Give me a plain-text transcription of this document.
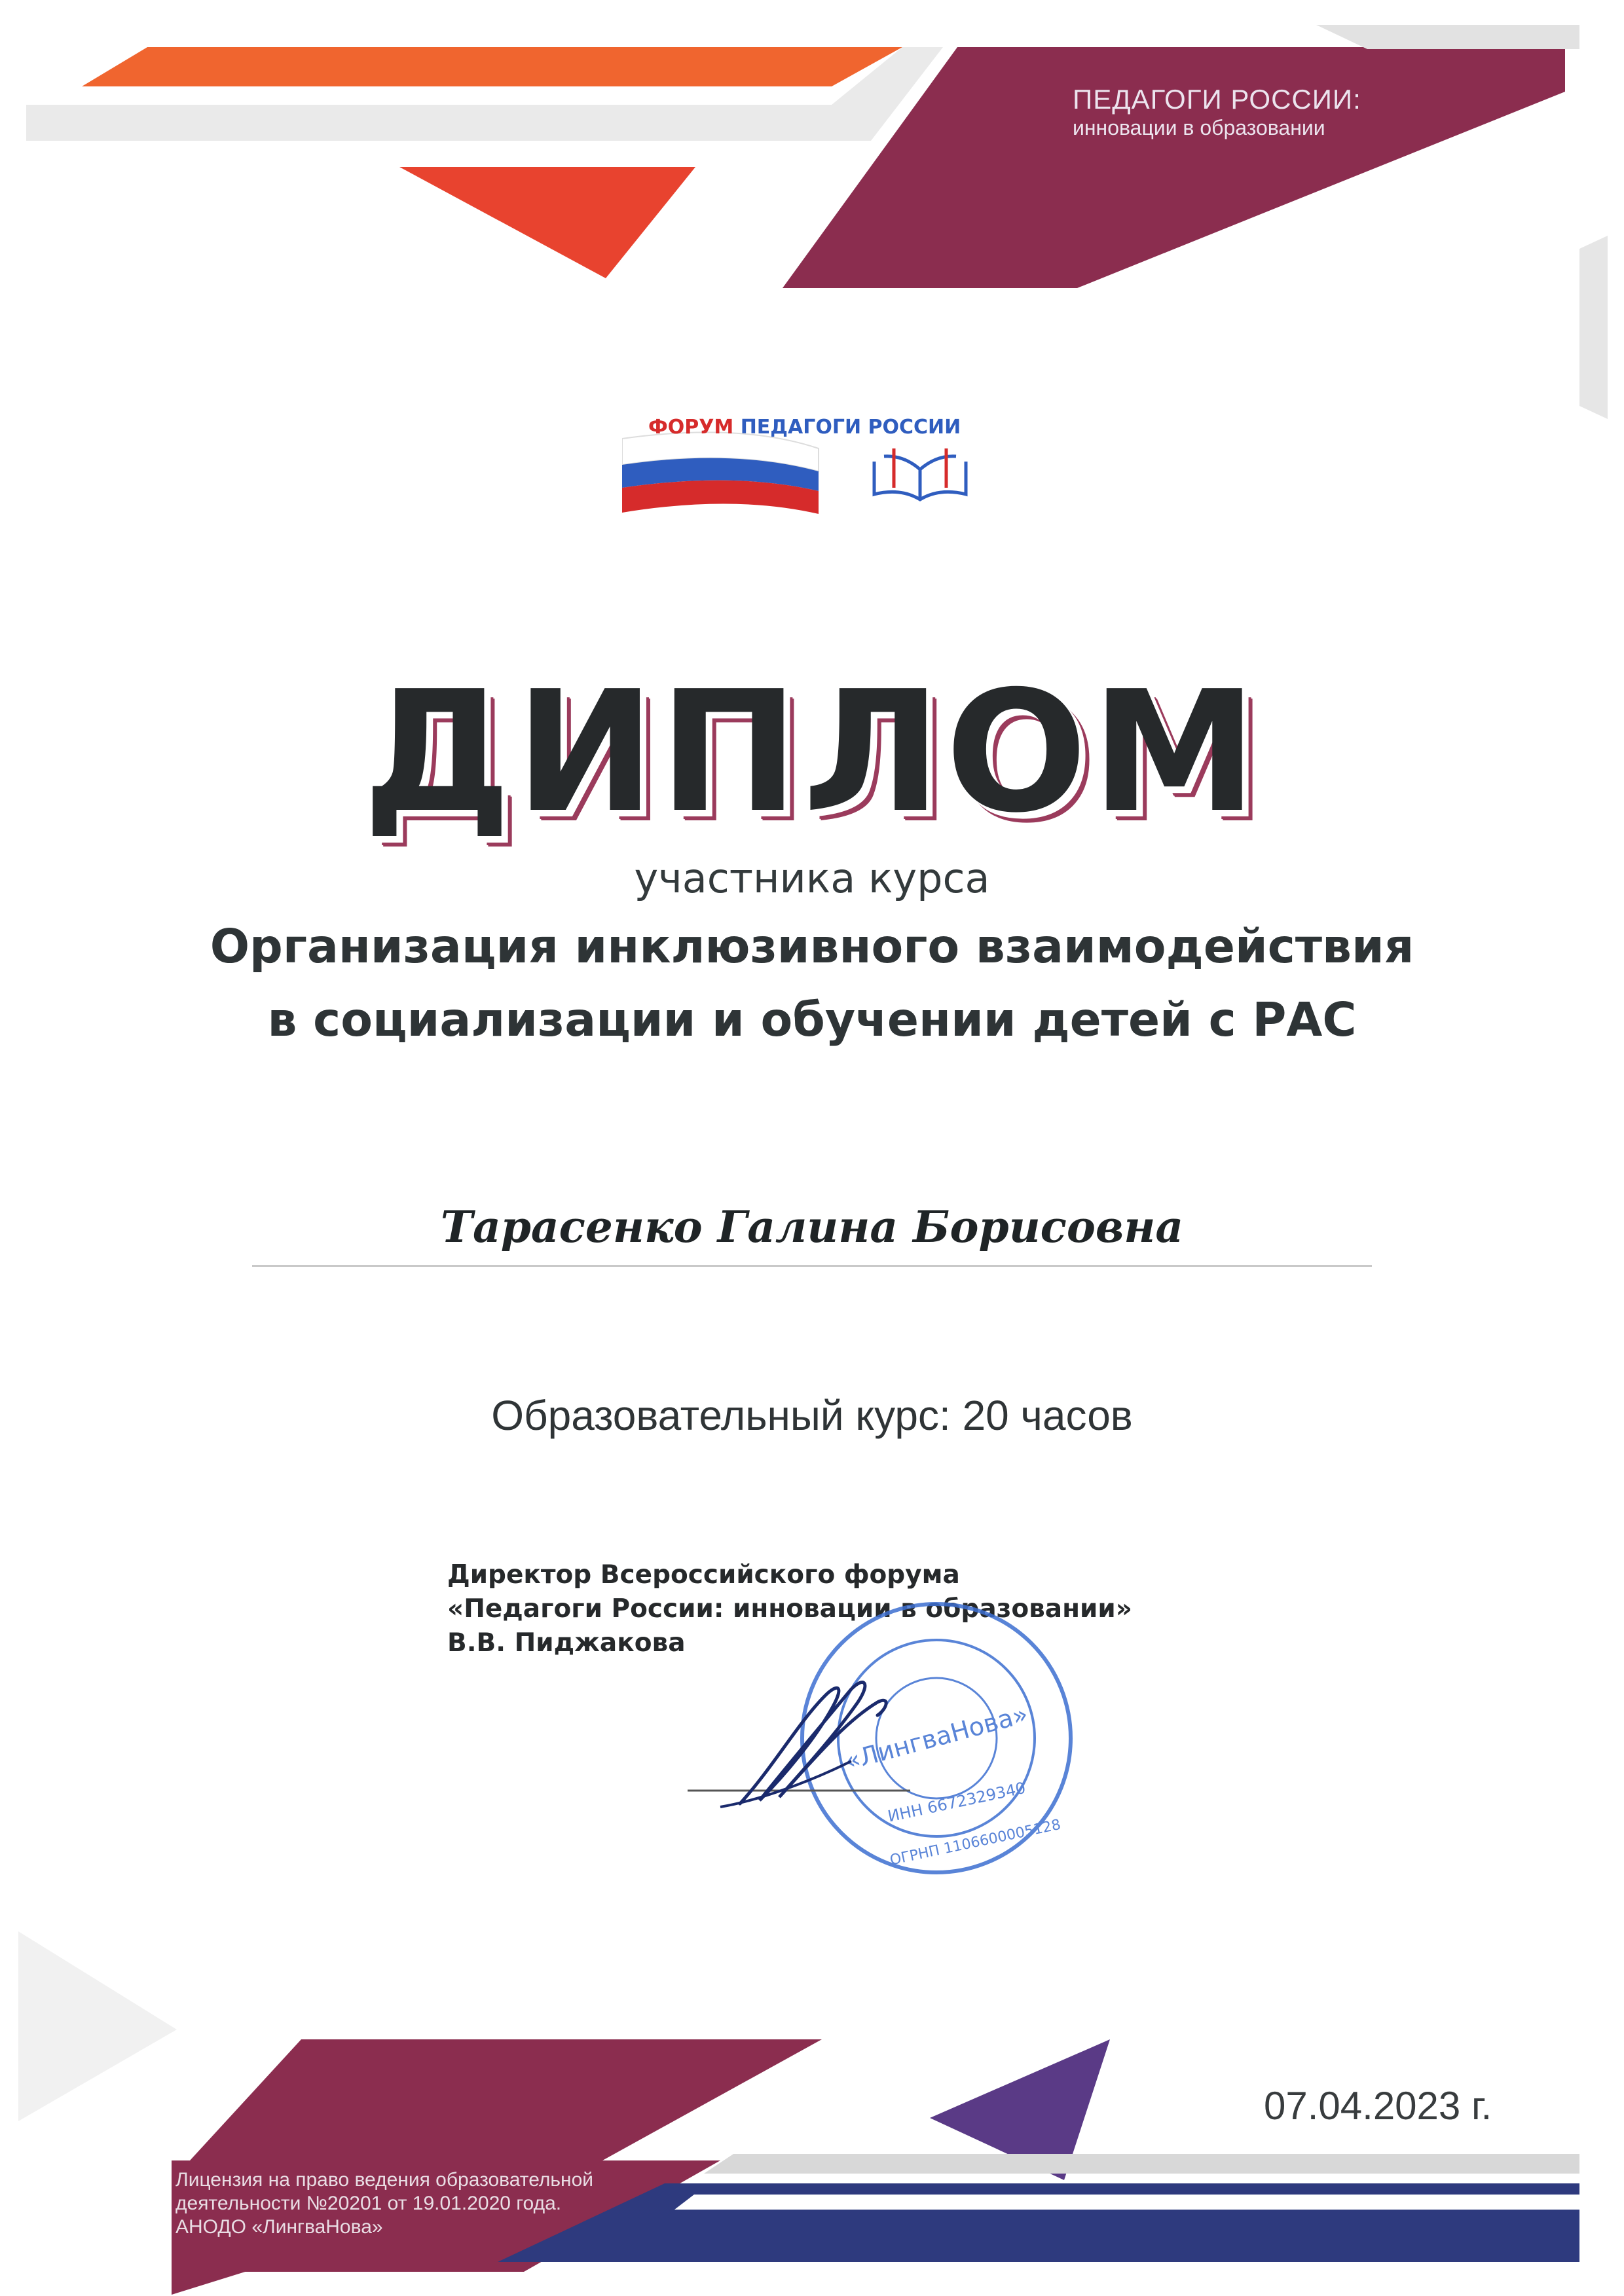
ПЕДАГОГИ РОССИИ:
инновации в образовании
ФОРУМ ПЕДАГОГИ РОССИИ
ДИПЛОМ
участника курса
Организация инклюзивного взаимодействия
в социализации и обучении детей с РАС
Тарасенко Галина Борисовна
Образовательный курс: 20 часов
Директор Всероссийского форума
«Педагоги России: инновации в образовании»
В.В. Пиджакова
«ЛингваНова»
ИНН 6672329340
ОГРНП 1106600005128
07.04.2023 г.
Лицензия на право ведения образовательной
деятельности №20201 от 19.01.2020 года.
АНОДО «ЛингваНова»
